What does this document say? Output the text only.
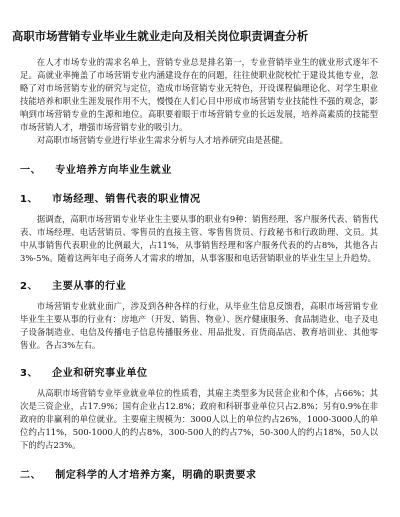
高职市场营销专业毕业生就业走向及相关岗位职责调查分析

在人才市场专业的需求名单上，营销专业总是排名第一，专业营销毕业生的就业形式逐年不足。高就业率掩盖了市场营销专业内涵建设存在的问题，往往使职业院校忙于建设其他专业，忽略了对市场营销专业的研究与定位，造成市场营销专业无特色，开设课程偏理论化、对学生职业技能培养和职业生涯发展作用不大，慢慢在人们心目中形成市场营销专业技能性不强的观念，影响到市场营销专业的生源和地位。高职要着眼于市场营销专业的长远发展，培养高素质的技能型市场营销人才，增强市场营销专业的吸引力。

对高职市场营销专业进行毕业生需求分析与人才培养研究由是甚健。

一、 专业培养方向毕业生就业
1、 市场经理、销售代表的职业情况

据调查，高职市场营销专业毕业生主要从事的职业有9种：销售经理、客户服务代表、销售代表、市场经理、电话营销员、零售员的直接主管、零售售货员、行政秘书和行政助理、文员。其中从事销售代表职业的比例最大，占11%，从事销售经理和客户服务代表的约占8%，其他各占3%-5%。随着这两年电子商务人才需求的增加，从事客服和电话营销职业的毕业生呈上升趋势。

2、 主要从事的行业

市场营销专业就业面广，涉及到各种各样的行业，从毕业生信息反馈看，高职市场营销专业毕业生主要从事的行业有：房地产（开发、销售、物业）、医疗健康服务、食品制造业、电子及电子设备制造业、电信及传播电子信息传播服务业、用品批发、百货商品店、教育培训业、其他零售业。各占3%左右。

3、 企业和研究事业单位

从高职市场营销专业毕业就业单位的性质看，其雇主类型多为民营企业和个体，占66%；其次是三资企业，占17.9%；国有企业占12.8%；政府和科研事业单位只占2.8%；另有0.9%在非政府的非赢利的单位就业。主要雇主规模为：3000人以上的单位约占26%，1000-3000人的单位约占11%，500-1000人的约占8%，300-500人的约占7%，50-300人的约占18%，50人以下的约占23%。

二、 制定科学的人才培养方案，明确的职责要求
